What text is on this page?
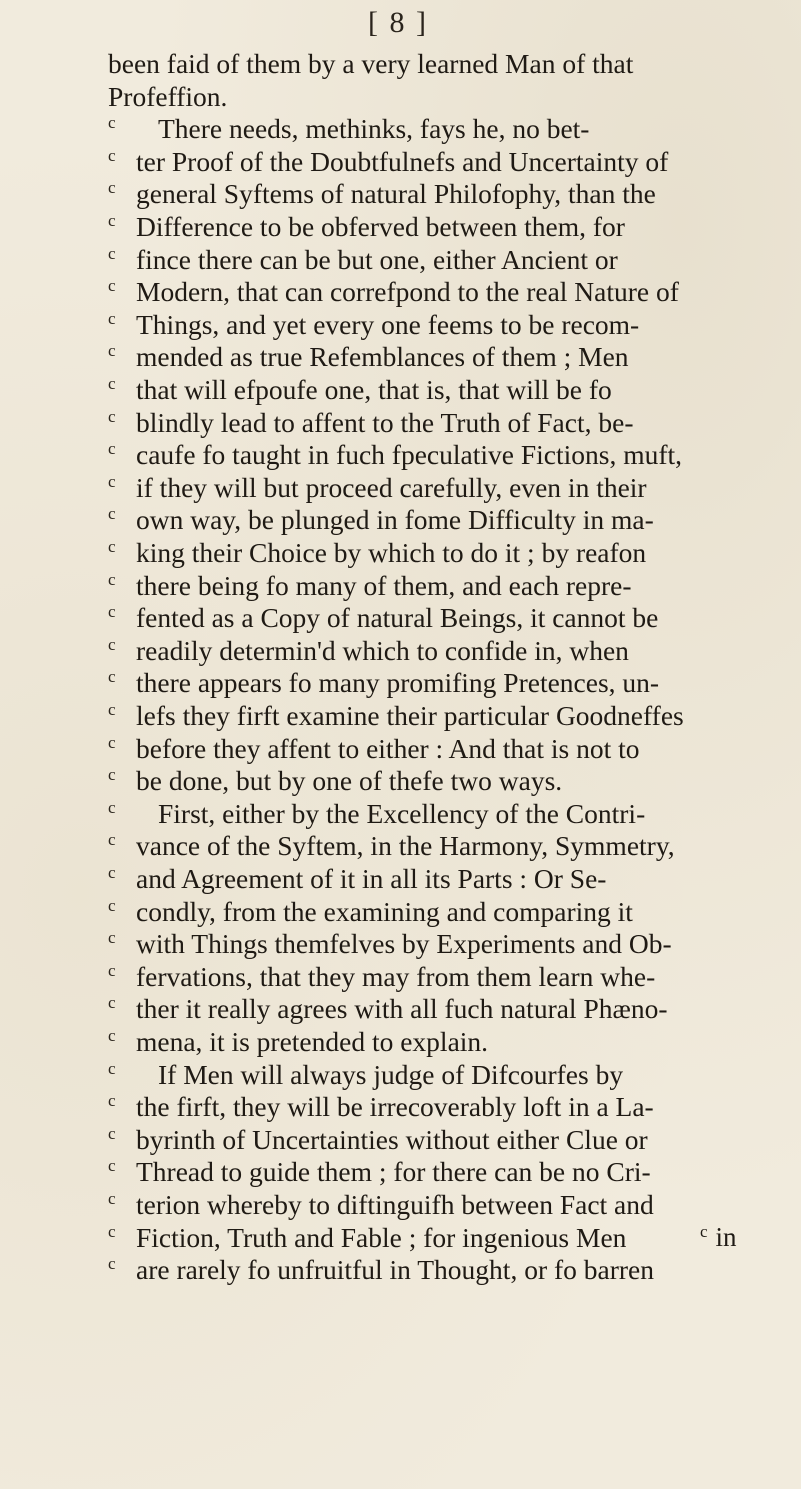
[ 8 ]
been faid of them by a very learned Man of that
Profeffion.
c There needs, methinks, fays he, no bet-
c ter Proof of the Doubtfulnefs and Uncertainty of
c general Syftems of natural Philofophy, than the
c Difference to be obferved between them, for
c fince there can be but one, either Ancient or
c Modern, that can correfpond to the real Nature of
c Things, and yet every one feems to be recom-
c mended as true Refemblances of them ; Men
c that will efpoufe one, that is, that will be fo
c blindly lead to affent to the Truth of Fact, be-
c caufe fo taught in fuch fpeculative Fictions, muft,
c if they will but proceed carefully, even in their
c own way, be plunged in fome Difficulty in ma-
c king their Choice by which to do it ; by reafon
c there being fo many of them, and each repre-
c fented as a Copy of natural Beings, it cannot be
c readily determin'd which to confide in, when
c there appears fo many promifing Pretences, un-
c lefs they firft examine their particular Goodneffes
c before they affent to either : And that is not to
c be done, but by one of thefe two ways.
c First, either by the Excellency of the Contri-
c vance of the Syftem, in the Harmony, Symmetry,
c and Agreement of it in all its Parts : Or Se-
c condly, from the examining and comparing it
c with Things themfelves by Experiments and Ob-
c fervations, that they may from them learn whe-
c ther it really agrees with all fuch natural Phæno-
c mena, it is pretended to explain.
c If Men will always judge of Difcourfes by
c the firft, they will be irrecoverably loft in a La-
c byrinth of Uncertainties without either Clue or
c Thread to guide them ; for there can be no Cri-
c terion whereby to diftinguifh between Fact and
c Fiction, Truth and Fable ; for ingenious Men
c are rarely fo unfruitful in Thought, or fo barren
$^c$ in
